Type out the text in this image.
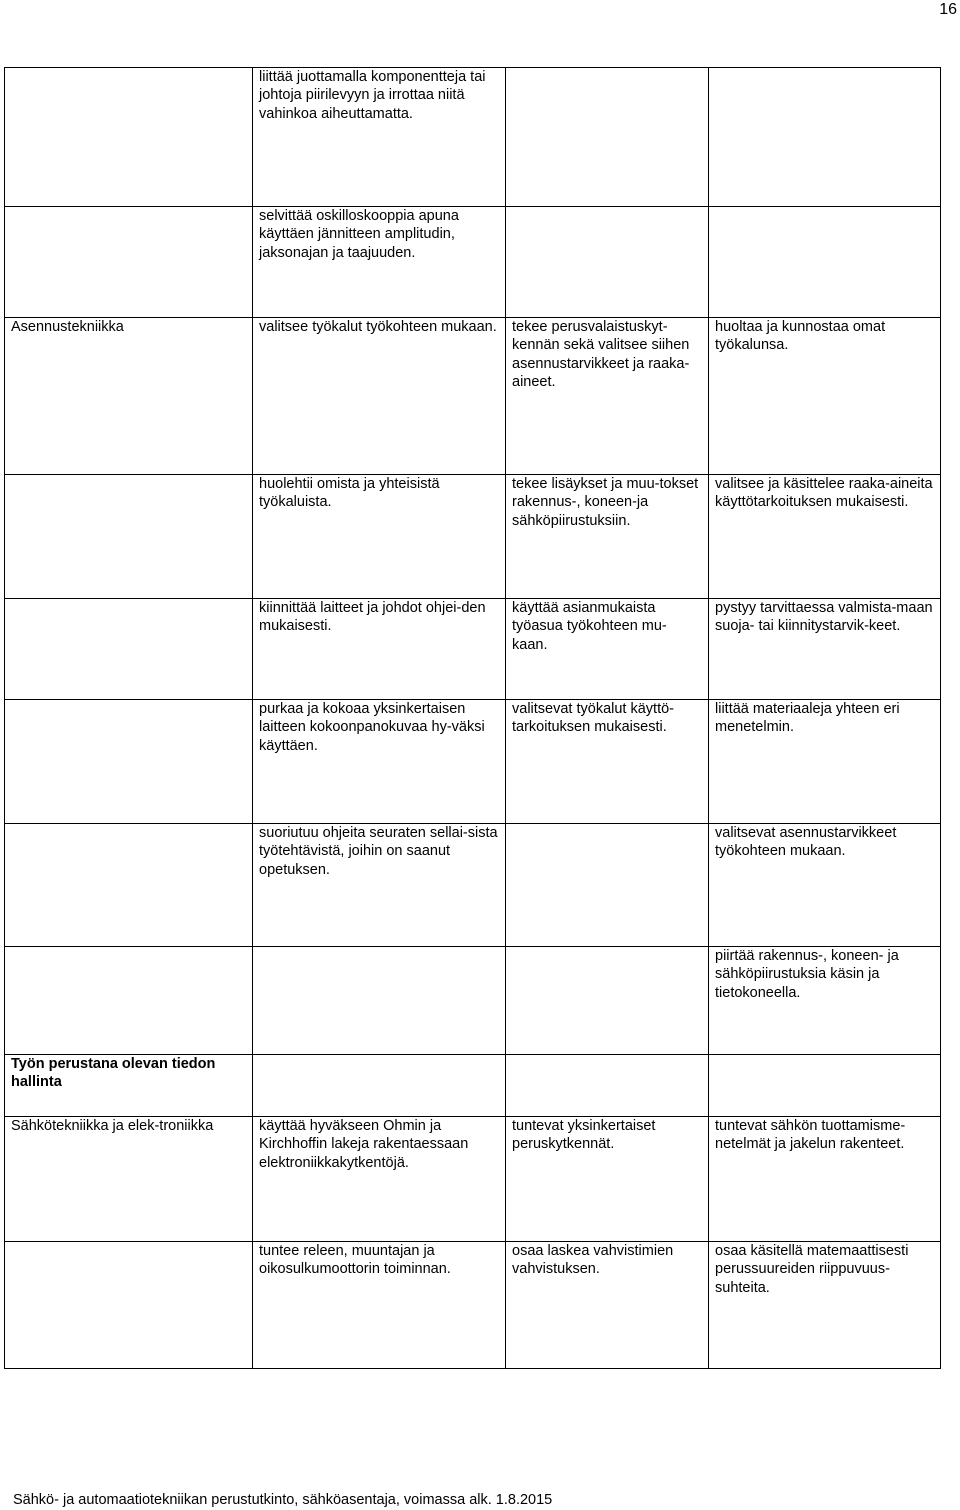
16
	liittää juottamalla komponentteja tai johtoja piirilevyyn ja irrottaa niitä vahinkoa aiheuttamatta.		
	selvittää oskilloskooppia apuna käyttäen jännitteen amplitudin, jaksonajan ja taajuuden.		
Asennustekniikka	valitsee työkalut työkohteen mukaan.	tekee perusvalaistuskyt-kennän sekä valitsee siihen asennustarvikkeet ja raaka-aineet.	huoltaa ja kunnostaa omat työkalunsa.
	huolehtii omista ja yhteisistä työkaluista.	tekee lisäykset ja muu-tokset rakennus-, koneen-ja sähköpiirustuksiin.	valitsee ja käsittelee raaka-aineita käyttötarkoituksen mukaisesti.
	kiinnittää laitteet ja johdot ohjei-den mukaisesti.	käyttää asianmukaista työasua työkohteen mu-kaan.	pystyy tarvittaessa valmista-maan suoja- tai kiinnitystarvik-keet.
	purkaa ja kokoaa yksinkertaisen laitteen kokoonpanokuvaa hy-väksi käyttäen.	valitsevat työkalut käyttö-tarkoituksen mukaisesti.	liittää materiaaleja yhteen eri menetelmin.
	suoriutuu ohjeita seuraten sellai-sista työtehtävistä, joihin on saanut opetuksen.		valitsevat asennustarvikkeet työkohteen mukaan.
			piirtää rakennus-, koneen- ja sähköpiirustuksia käsin ja tietokoneella.
Työn perustana olevan tiedon hallinta			
Sähkötekniikka ja elek-troniikka	käyttää hyväkseen Ohmin ja Kirchhoffin lakeja rakentaessaan elektroniikkakytkentöjä.	tuntevat yksinkertaiset peruskytkennät.	tuntevat sähkön tuottamisme-netelmät ja jakelun rakenteet.
	tuntee releen, muuntajan ja oikosulkumoottorin toiminnan.	osaa laskea vahvistimien vahvistuksen.	osaa käsitellä matemaattisesti perussuureiden riippuvuus-suhteita.
Sähkö- ja automaatiotekniikan perustutkinto, sähköasentaja, voimassa alk. 1.8.2015
